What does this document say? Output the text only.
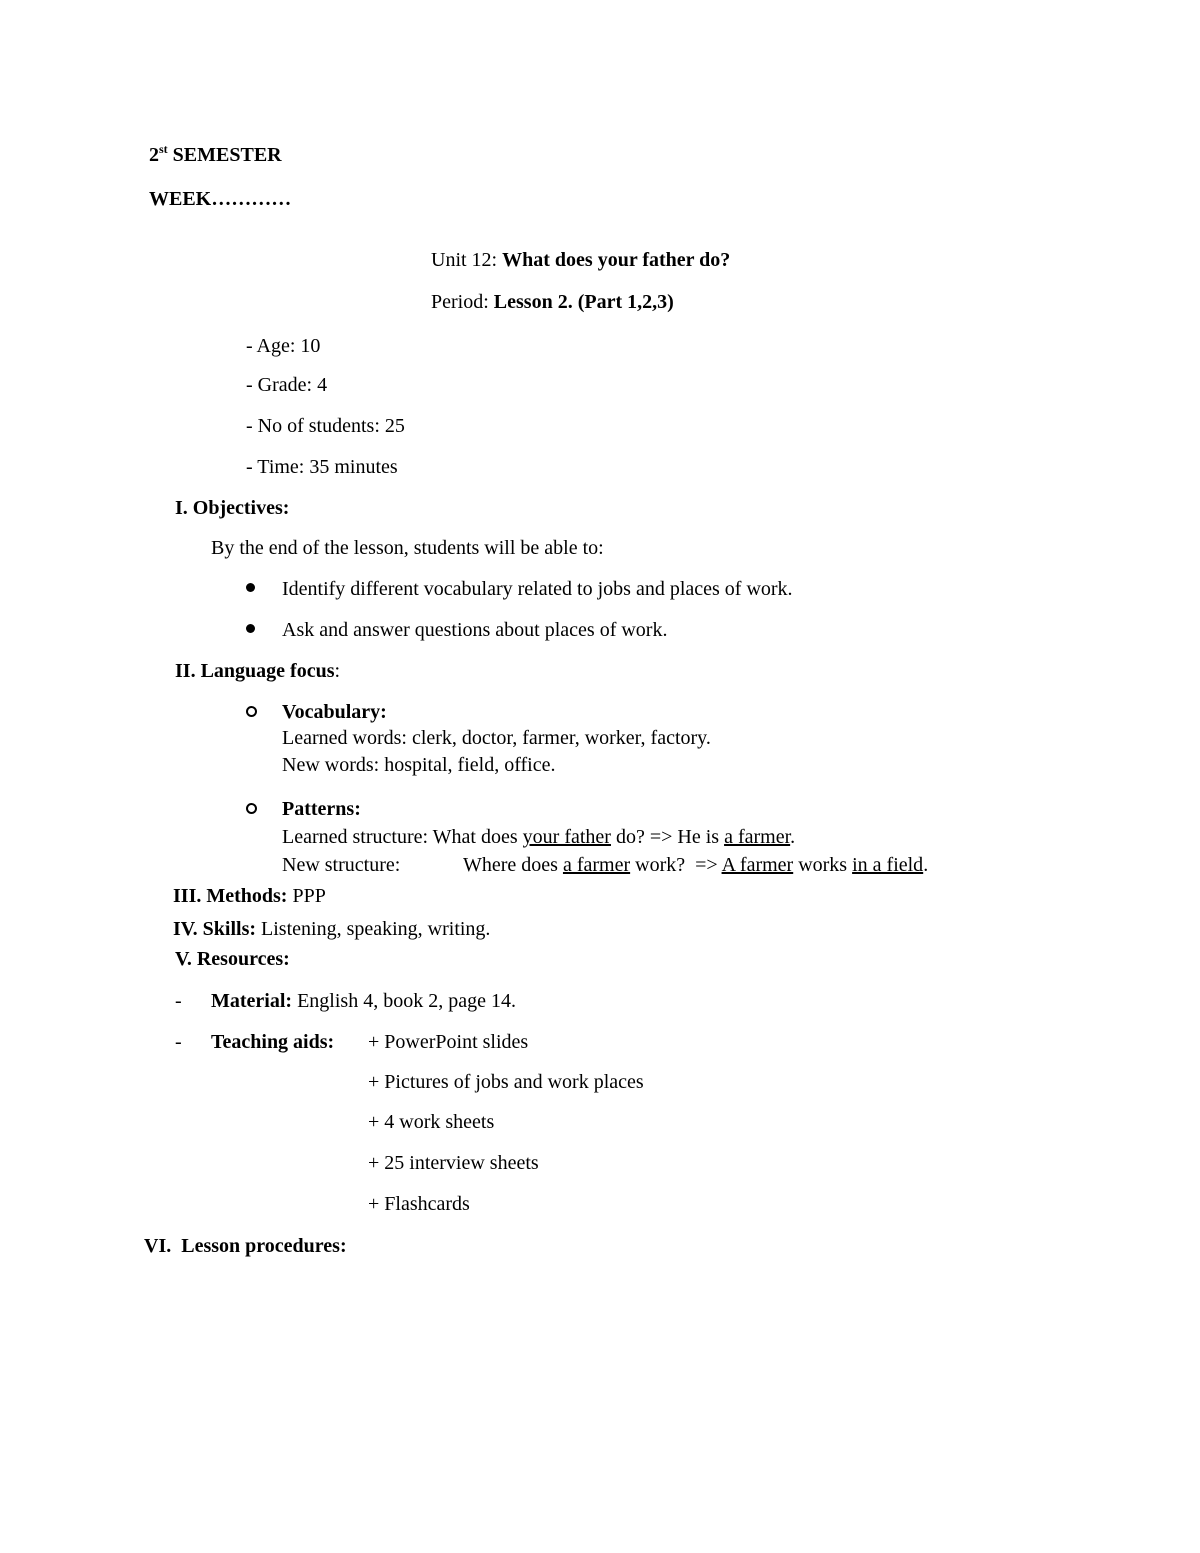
2st SEMESTER
WEEK…………
Unit 12: What does your father do?
Period: Lesson 2. (Part 1,2,3)
- Age: 10
- Grade: 4
- No of students: 25
- Time: 35 minutes
I. Objectives:
By the end of the lesson, students will be able to:
Identify different vocabulary related to jobs and places of work.
Ask and answer questions about places of work.
II. Language focus:
Vocabulary:
Learned words: clerk, doctor, farmer, worker, factory.
New words: hospital, field, office.
Patterns:
Learned structure: What does your father do? => He is a farmer.
New structure:	Where does a farmer work?  => A farmer works in a field.
III. Methods: PPP
IV. Skills: Listening, speaking, writing.
V. Resources:
- Material: English 4, book 2, page 14.
- Teaching aids: + PowerPoint slides
+ Pictures of jobs and work places
+ 4 work sheets
+ 25 interview sheets
+ Flashcards
VI.  Lesson procedures:
